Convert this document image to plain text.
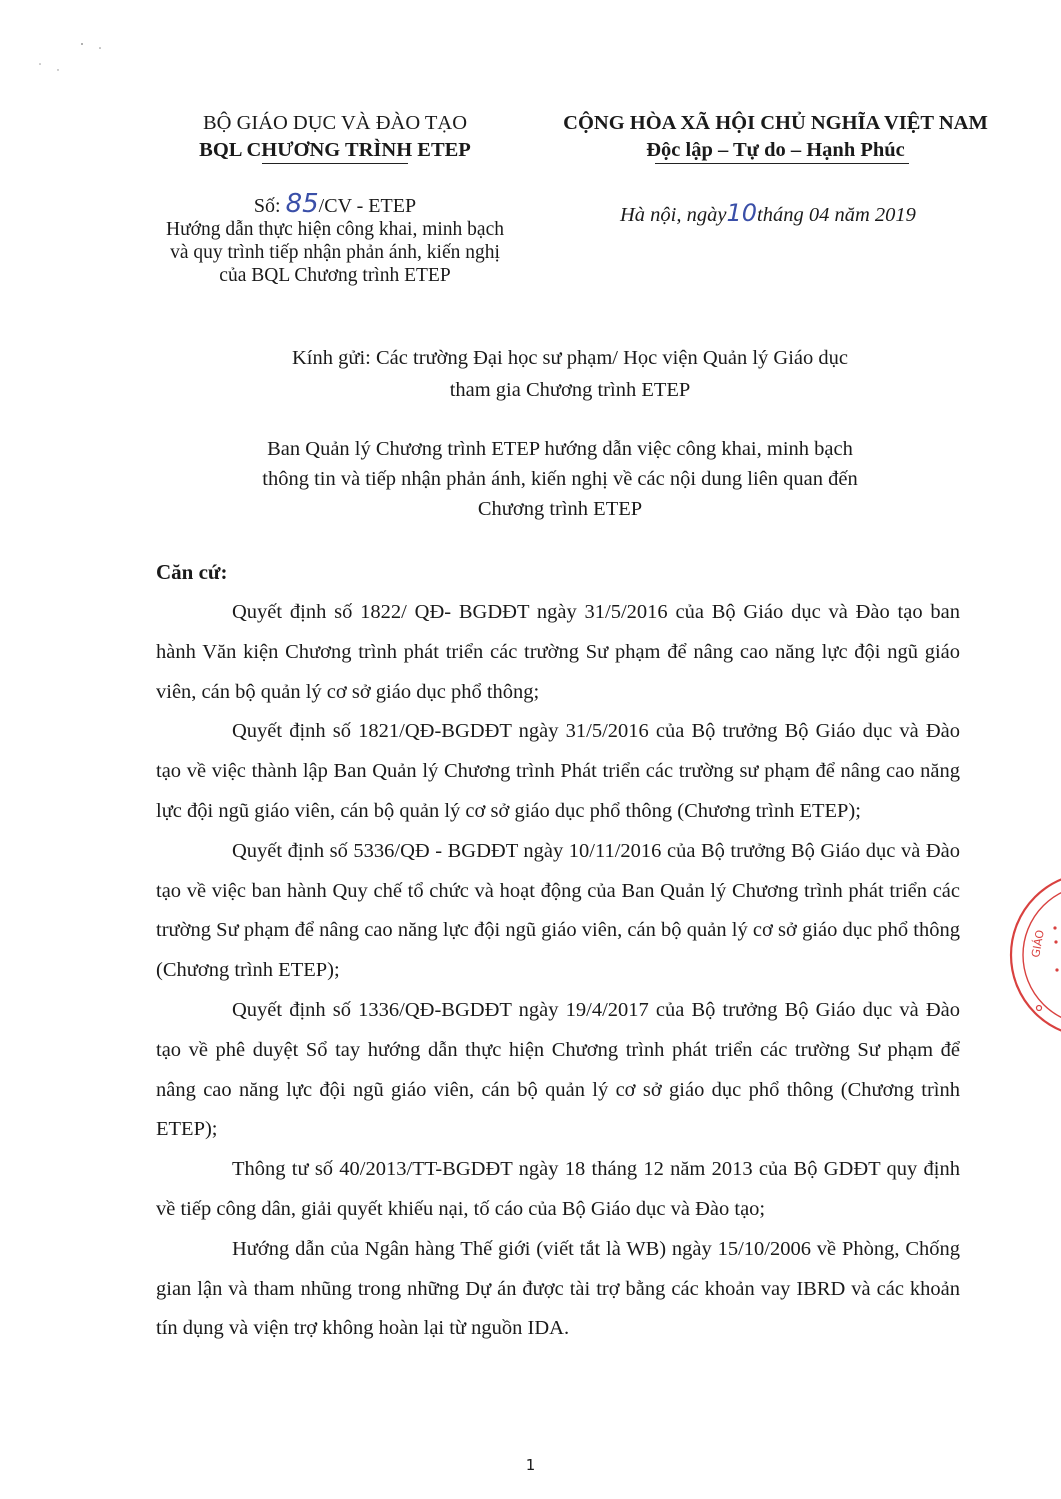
BỘ GIÁO DỤC VÀ ĐÀO TẠO
BQL CHƯƠNG TRÌNH ETEP
CỘNG HÒA XÃ HỘI CHỦ NGHĨA VIỆT NAM
Độc lập – Tự do – Hạnh Phúc
Số: 85/CV - ETEP
Hướng dẫn thực hiện công khai, minh bạch
và quy trình tiếp nhận phản ánh, kiến nghị
của BQL Chương trình ETEP
Hà nội, ngày10tháng 04 năm 2019
Kính gửi: Các trường Đại học sư phạm/ Học viện Quản lý Giáo dục
tham gia Chương trình ETEP
Ban Quản lý Chương trình ETEP hướng dẫn việc công khai, minh bạch
thông tin và tiếp nhận phản ánh, kiến nghị về các nội dung liên quan đến
Chương trình ETEP
Căn cứ:

Quyết định số 1822/ QĐ- BGDĐT ngày 31/5/2016 của Bộ Giáo dục và Đào tạo ban hành Văn kiện Chương trình phát triển các trường Sư phạm để nâng cao năng lực đội ngũ giáo viên, cán bộ quản lý cơ sở giáo dục phổ thông;

Quyết định số 1821/QĐ-BGDĐT ngày 31/5/2016 của Bộ trưởng Bộ Giáo dục và Đào tạo về việc thành lập Ban Quản lý Chương trình Phát triển các trường sư phạm để nâng cao năng lực đội ngũ giáo viên, cán bộ quản lý cơ sở giáo dục phổ thông (Chương trình ETEP);

Quyết định số 5336/QĐ - BGDĐT ngày 10/11/2016 của Bộ trưởng Bộ Giáo dục và Đào tạo về việc ban hành Quy chế tổ chức và hoạt động của Ban Quản lý Chương trình phát triển các trường Sư phạm để nâng cao năng lực đội ngũ giáo viên, cán bộ quản lý cơ sở giáo dục phổ thông (Chương trình ETEP);

Quyết định số 1336/QĐ-BGDĐT ngày 19/4/2017 của Bộ trưởng Bộ Giáo dục và Đào tạo về phê duyệt Sổ tay hướng dẫn thực hiện Chương trình phát triển các trường Sư phạm để nâng cao năng lực đội ngũ giáo viên, cán bộ quản lý cơ sở giáo dục phổ thông (Chương trình ETEP);

Thông tư số 40/2013/TT-BGDĐT ngày 18 tháng 12 năm 2013 của Bộ GDĐT quy định về tiếp công dân, giải quyết khiếu nại, tố cáo của Bộ Giáo dục và Đào tạo;

Hướng dẫn của Ngân hàng Thế giới (viết tắt là WB) ngày 15/10/2006 về Phòng, Chống gian lận và tham nhũng trong những Dự án được tài trợ bằng các khoản vay IBRD và các khoản tín dụng và viện trợ không hoàn lại từ nguồn IDA.

GIÁO
1
